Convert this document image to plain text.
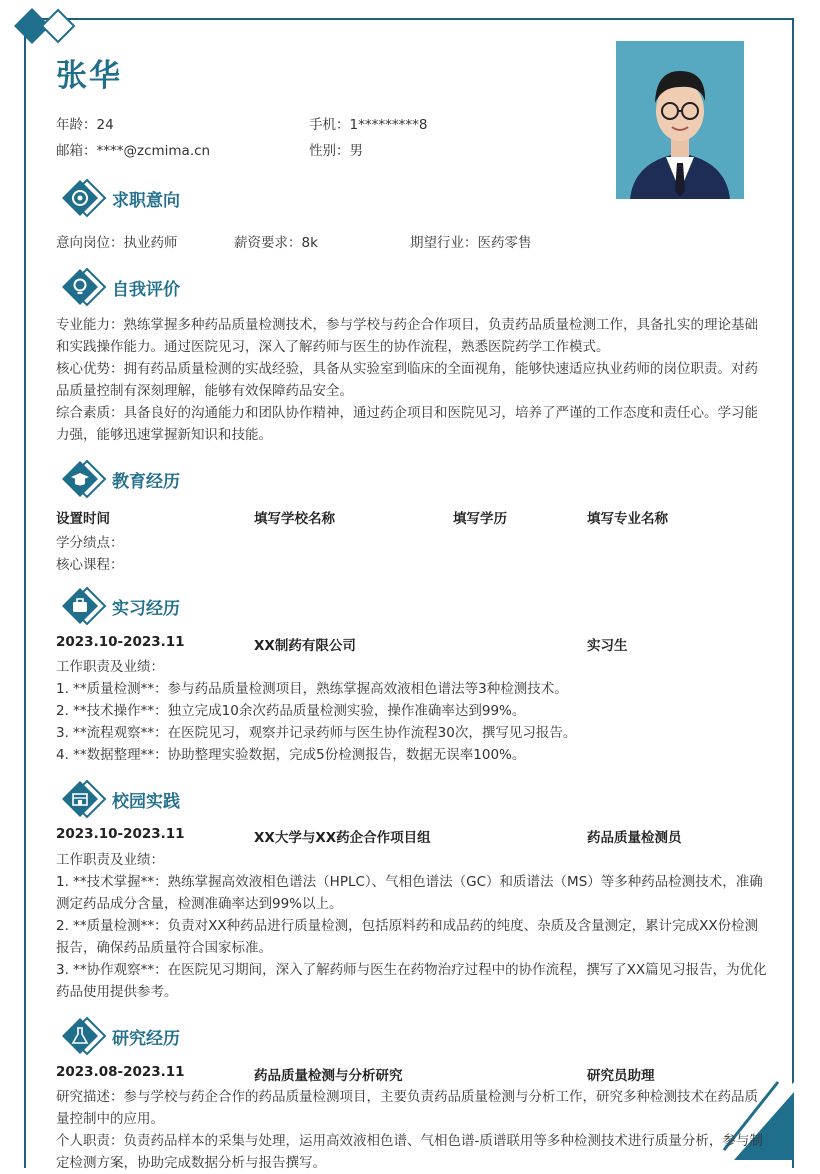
张华
年龄：24	手机：1*********8
邮箱：****@zcmima.cn	性别：男
求职意向
意向岗位：执业药师	薪资要求：8k	期望行业：医药零售
自我评价

专业能力：熟练掌握多种药品质量检测技术，参与学校与药企合作项目，负责药品质量检测工作，具备扎实的理论基础和实践操作能力。通过医院见习，深入了解药师与医生的协作流程，熟悉医院药学工作模式。

核心优势：拥有药品质量检测的实战经验，具备从实验室到临床的全面视角，能够快速适应执业药师的岗位职责。对药品质量控制有深刻理解，能够有效保障药品安全。

综合素质：具备良好的沟通能力和团队协作精神，通过药企项目和医院见习，培养了严谨的工作态度和责任心。学习能力强，能够迅速掌握新知识和技能。

教育经历
设置时间	填写学校名称	填写学历	填写专业名称
学分绩点：
核心课程：
实习经历
2023.10-2023.11	XX制药有限公司	实习生

工作职责及业绩：

1. **质量检测**：参与药品质量检测项目，熟练掌握高效液相色谱法等3种检测技术。

2. **技术操作**：独立完成10余次药品质量检测实验，操作准确率达到99%。

3. **流程观察**：在医院见习，观察并记录药师与医生协作流程30次，撰写见习报告。

4. **数据整理**：协助整理实验数据，完成5份检测报告，数据无误率100%。

校园实践
2023.10-2023.11	XX大学与XX药企合作项目组	药品质量检测员

工作职责及业绩：

1. **技术掌握**：熟练掌握高效液相色谱法（HPLC）、气相色谱法（GC）和质谱法（MS）等多种药品检测技术，准确测定药品成分含量，检测准确率达到99%以上。

2. **质量检测**：负责对XX种药品进行质量检测，包括原料药和成品药的纯度、杂质及含量测定，累计完成XX份检测报告，确保药品质量符合国家标准。

3. **协作观察**：在医院见习期间，深入了解药师与医生在药物治疗过程中的协作流程，撰写了XX篇见习报告，为优化药品使用提供参考。

研究经历
2023.08-2023.11	药品质量检测与分析研究	研究员助理

研究描述：参与学校与药企合作的药品质量检测项目，主要负责药品质量检测与分析工作，研究多种检测技术在药品质量控制中的应用。

个人职责：负责药品样本的采集与处理，运用高效液相色谱、气相色谱-质谱联用等多种检测技术进行质量分析，参与制定检测方案，协助完成数据分析与报告撰写。
